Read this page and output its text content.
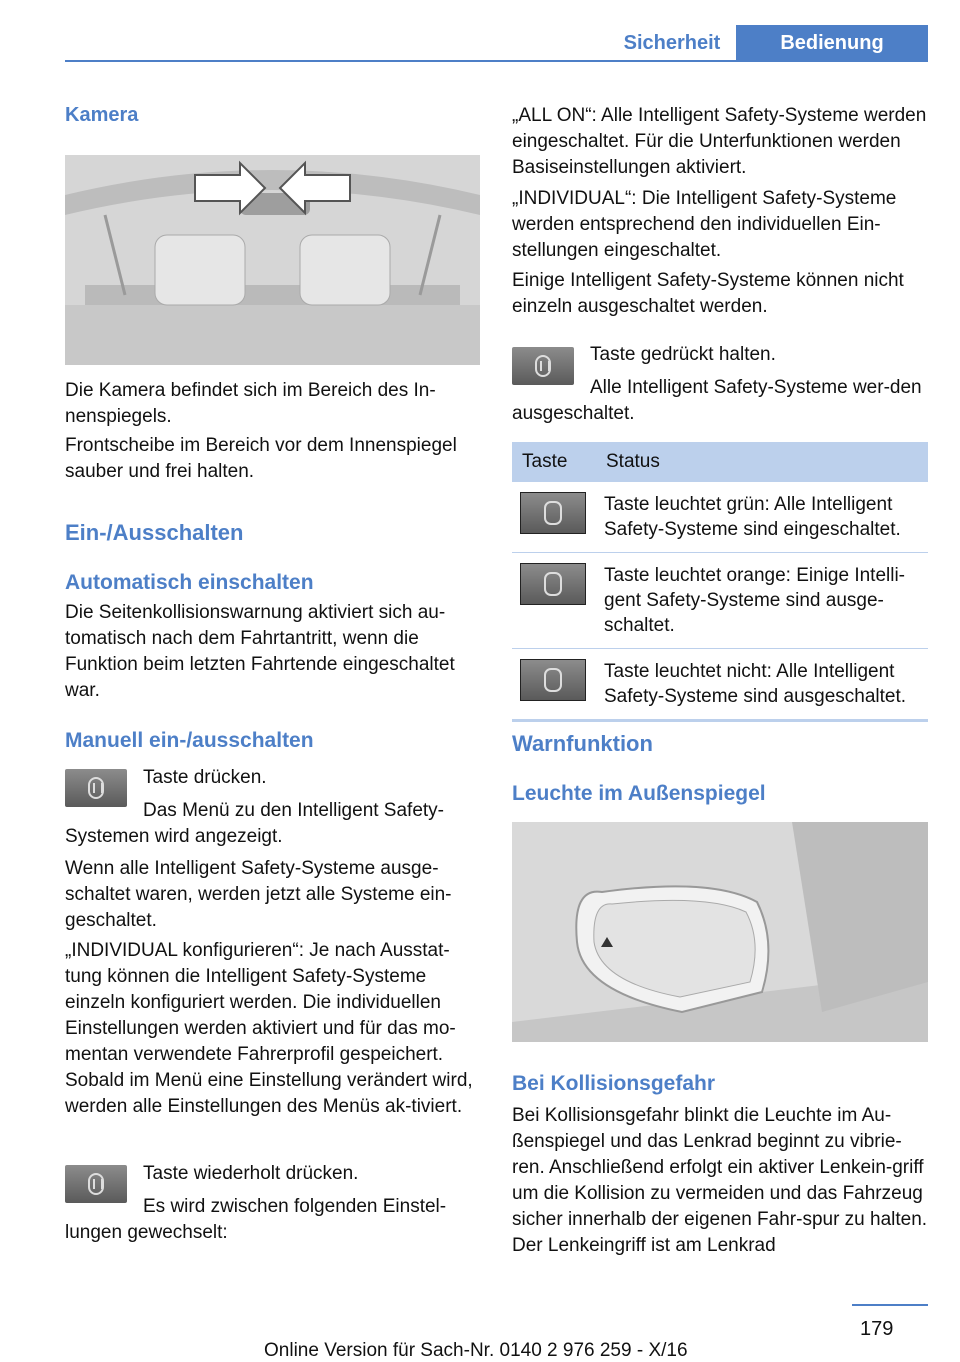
Sicherheit	Bedienung
Kamera

Die Kamera befindet sich im Bereich des In-nenspiegels.

Frontscheibe im Bereich vor dem Innenspiegel sauber und frei halten.

Ein-/Ausschalten
Automatisch einschalten

Die Seitenkollisionswarnung aktiviert sich au-tomatisch nach dem Fahrtantritt, wenn die Funktion beim letzten Fahrtende eingeschaltet war.

Manuell ein-/ausschalten

Taste drücken.

Das Menü zu den Intelligent Safety-Systemen wird angezeigt.

Wenn alle Intelligent Safety-Systeme ausge-schaltet waren, werden jetzt alle Systeme ein-geschaltet.

„INDIVIDUAL konfigurieren“: Je nach Ausstat-tung können die Intelligent Safety-Systeme einzeln konfiguriert werden. Die individuellen Einstellungen werden aktiviert und für das mo-mentan verwendete Fahrerprofil gespeichert. Sobald im Menü eine Einstellung verändert wird, werden alle Einstellungen des Menüs ak-tiviert.

Taste wiederholt drücken.

Es wird zwischen folgenden Einstel-lungen gewechselt:

„ALL ON“: Alle Intelligent Safety-Systeme werden eingeschaltet. Für die Unterfunktionen werden Basiseinstellungen aktiviert.

„INDIVIDUAL“: Die Intelligent Safety-Systeme werden entsprechend den individuellen Ein-stellungen eingeschaltet.

Einige Intelligent Safety-Systeme können nicht einzeln ausgeschaltet werden.

Taste gedrückt halten.

Alle Intelligent Safety-Systeme wer-den ausgeschaltet.

Taste	Status

	Taste leuchtet grün: Alle Intelligent Safety-Systeme sind eingeschaltet.

	Taste leuchtet orange: Einige Intelli-gent Safety-Systeme sind ausge-schaltet.

	Taste leuchtet nicht: Alle Intelligent Safety-Systeme sind ausgeschaltet.
Warnfunktion
Leuchte im Außenspiegel
Bei Kollisionsgefahr

Bei Kollisionsgefahr blinkt die Leuchte im Au-ßenspiegel und das Lenkrad beginnt zu vibrie-ren. Anschließend erfolgt ein aktiver Lenkein-griff um die Kollision zu vermeiden und das Fahrzeug sicher innerhalb der eigenen Fahr-spur zu halten. Der Lenkeingriff ist am Lenkrad

179
Online Version für Sach-Nr. 0140 2 976 259 - X/16
